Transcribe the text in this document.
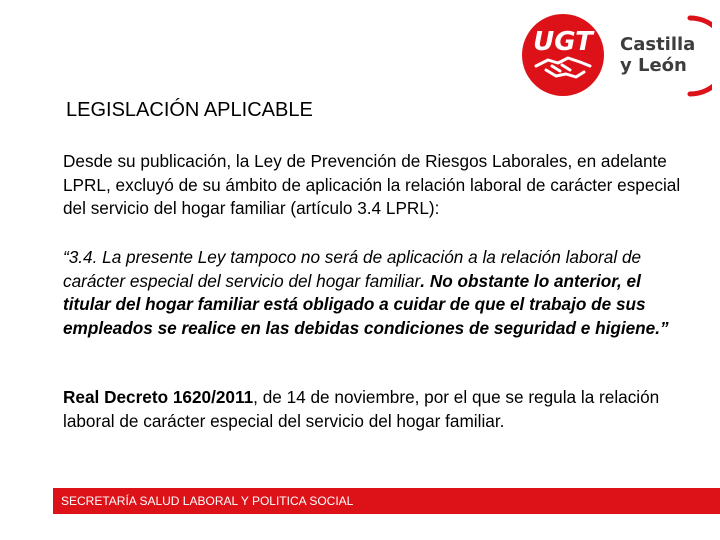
UGT Castilla
y León
LEGISLACIÓN APLICABLE
Desde su publicación, la Ley de Prevención de Riesgos Laborales, en adelante LPRL, excluyó de su ámbito de aplicación la relación laboral de carácter especial del servicio del hogar familiar (artículo 3.4 LPRL):
“3.4. La presente Ley tampoco no será de aplicación a la relación laboral de carácter especial del servicio del hogar familiar. No obstante lo anterior, el titular del hogar familiar está obligado a cuidar de que el trabajo de sus empleados se realice en las debidas condiciones de seguridad e higiene.”
Real Decreto 1620/2011, de 14 de noviembre, por el que se regula la relación laboral de carácter especial del servicio del hogar familiar.
SECRETARÍA SALUD LABORAL Y POLITICA SOCIAL
